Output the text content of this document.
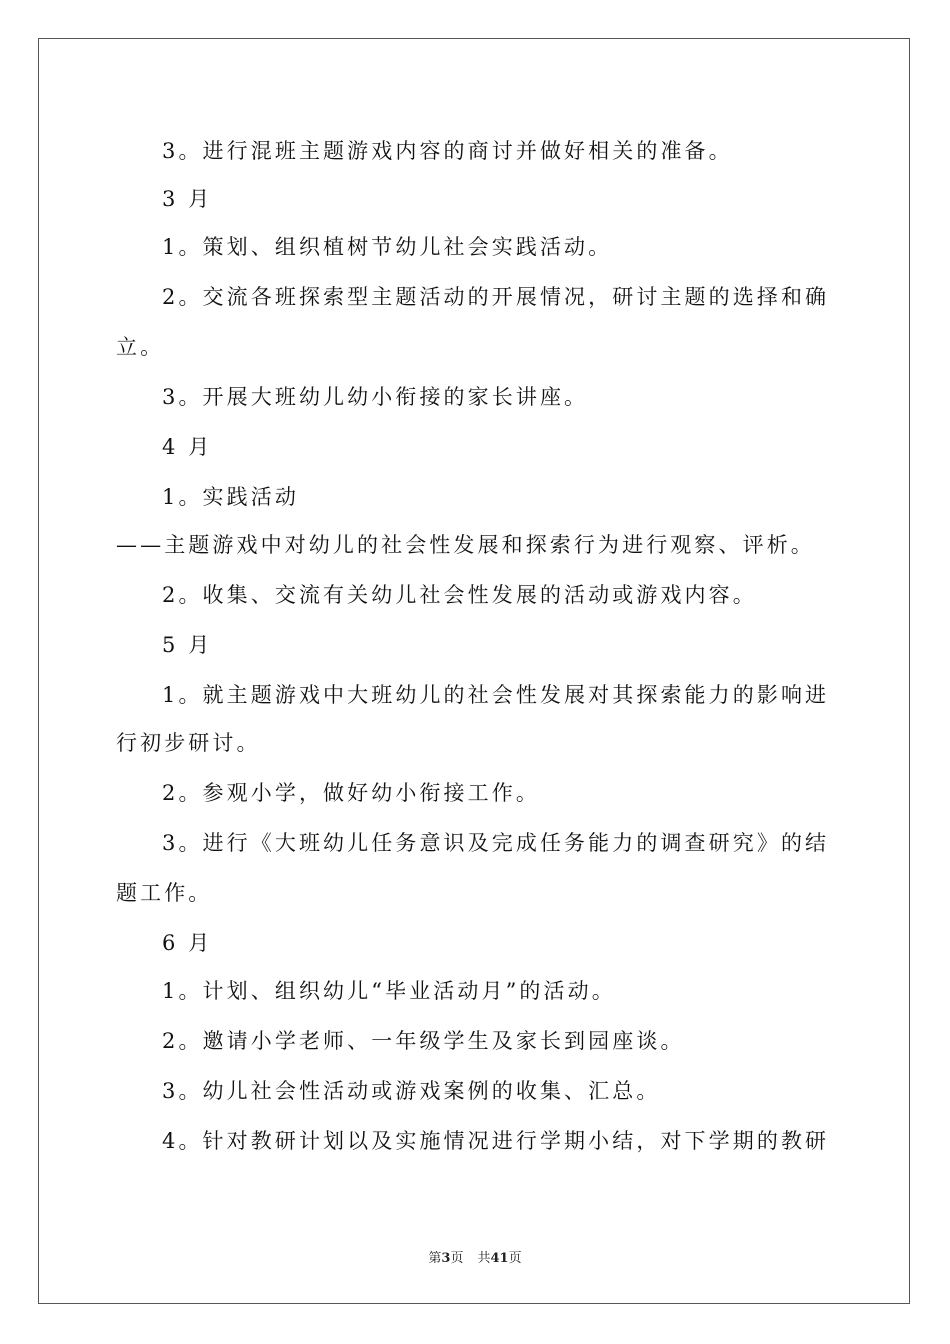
3。进行混班主题游戏内容的商讨并做好相关的准备。
3 月
1。策划、组织植树节幼儿社会实践活动。
2。交流各班探索型主题活动的开展情况，研讨主题的选择和确
立。
3。开展大班幼儿幼小衔接的家长讲座。
4 月
1。实践活动
——主题游戏中对幼儿的社会性发展和探索行为进行观察、评析。
2。收集、交流有关幼儿社会性发展的活动或游戏内容。
5 月
1。就主题游戏中大班幼儿的社会性发展对其探索能力的影响进
行初步研讨。
2。参观小学，做好幼小衔接工作。
3。进行《大班幼儿任务意识及完成任务能力的调查研究》的结
题工作。
6 月
1。计划、组织幼儿“毕业活动月”的活动。
2。邀请小学老师、一年级学生及家长到园座谈。
3。幼儿社会性活动或游戏案例的收集、汇总。
4。针对教研计划以及实施情况进行学期小结，对下学期的教研
第3页 共41页
